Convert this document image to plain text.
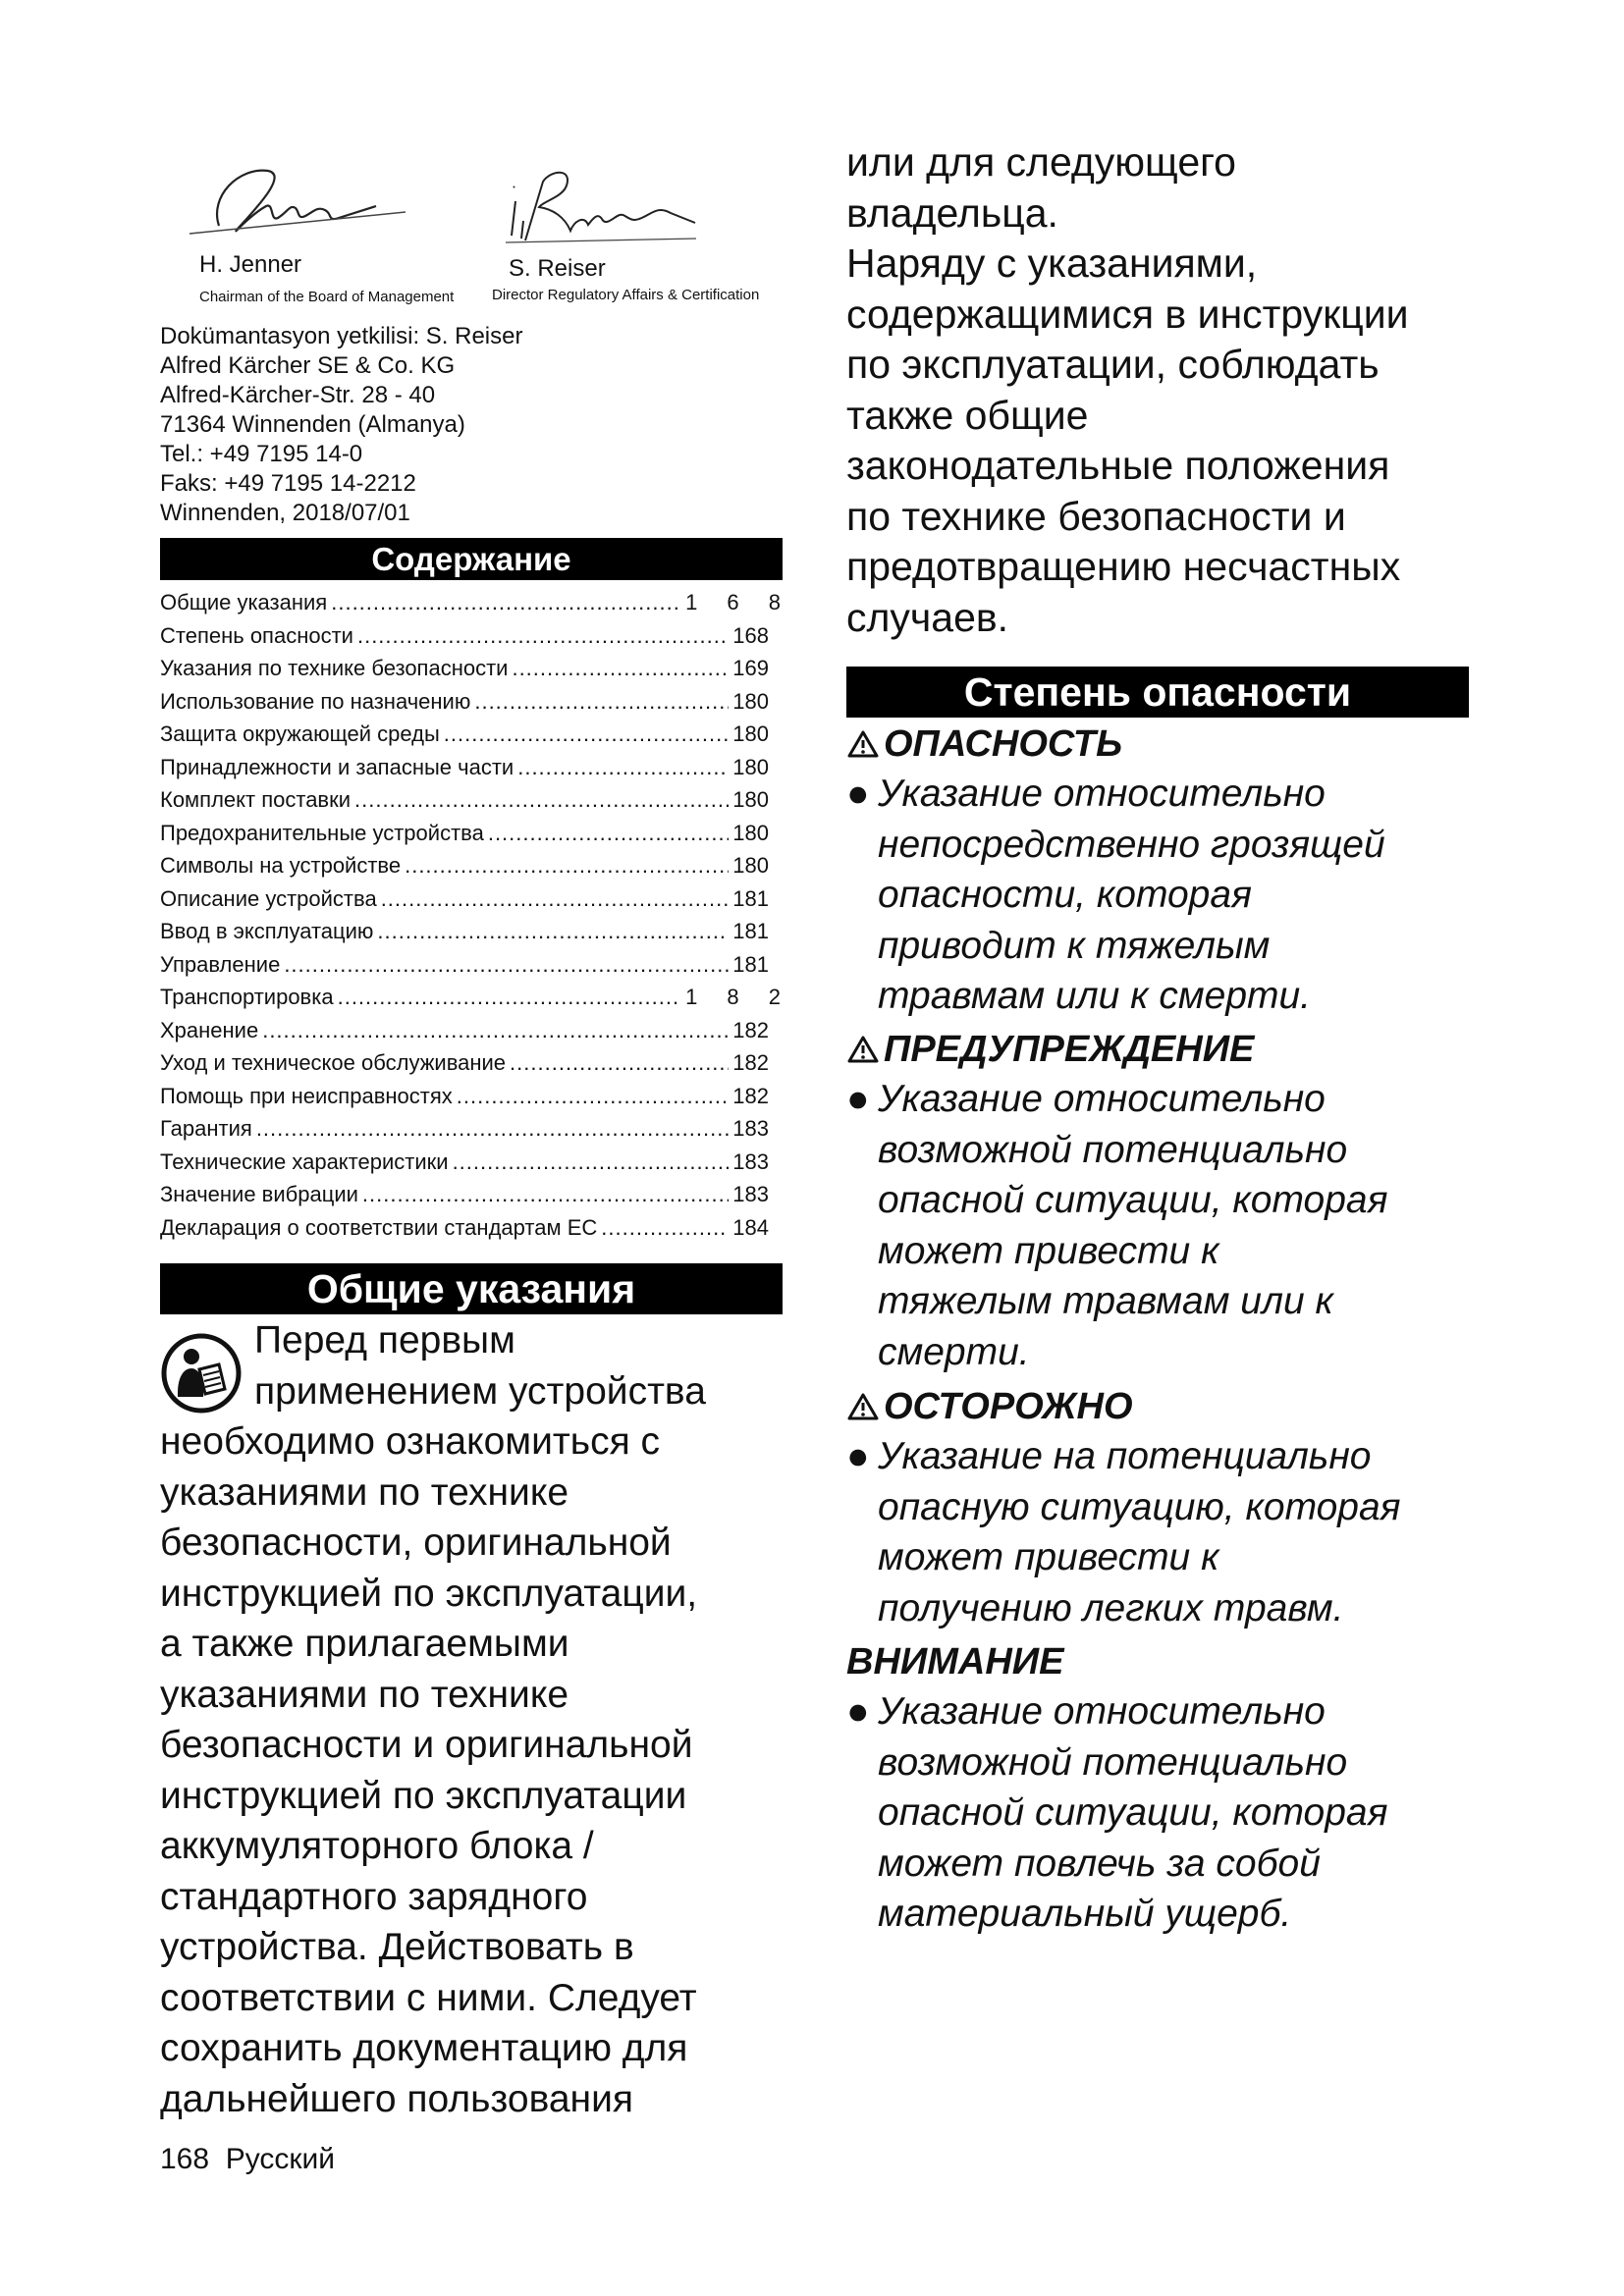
H. Jenner
Chairman of the Board of Management
S. Reiser
Director Regulatory Affairs & Certification
Dokümantasyon yetkilisi: S. Reiser
Alfred Kärcher SE & Co. KG
Alfred-Kärcher-Str. 28 - 40
71364 Winnenden (Almanya)
Tel.: +49 7195 14-0
Faks: +49 7195 14-2212
Winnenden, 2018/07/01
Содержание
Общие указания .....	1 6 8
Степень опасности .....	168
Указания по технике безопасности .....	169
Использование по назначению .....	180
Защита окружающей среды .....	180
Принадлежности и запасные части .....	180
Комплект поставки .....	180
Предохранительные устройства .....	180
Символы на устройстве .....	180
Описание устройства .....	181
Ввод в эксплуатацию .....	181
Управление .....	181
Транспортировка .....	1 8 2
Хранение .....	182
Уход и техническое обслуживание .....	182
Помощь при неисправностях .....	182
Гарантия .....	183
Технические характеристики .....	183
Значение вибрации .....	183
Декларация о соответствии стандартам ЕС .....	184
Общие указания
Перед первым
применением устройства
необходимо ознакомиться с
указаниями по технике
безопасности, оригинальной
инструкцией по эксплуатации,
а также прилагаемыми
указаниями по технике
безопасности и оригинальной
инструкцией по эксплуатации
аккумуляторного блока /
стандартного зарядного
устройства. Действовать в
соответствии с ними. Следует
сохранить документацию для
дальнейшего пользования
168 Русский
или для следующего
владельца.
Наряду с указаниями,
содержащимися в инструкции
по эксплуатации, соблюдать
также общие
законодательные положения
по технике безопасности и
предотвращению несчастных
случаев.
Степень опасности
ОПАСНОСТЬ
● Указание относительно
непосредственно грозящей
опасности, которая
приводит к тяжелым
травмам или к смерти.
ПРЕДУПРЕЖДЕНИЕ
● Указание относительно
возможной потенциально
опасной ситуации, которая
может привести к
тяжелым травмам или к
смерти.
ОСТОРОЖНО
● Указание на потенциально
опасную ситуацию, которая
может привести к
получению легких травм.
ВНИМАНИЕ
● Указание относительно
возможной потенциально
опасной ситуации, которая
может повлечь за собой
материальный ущерб.
